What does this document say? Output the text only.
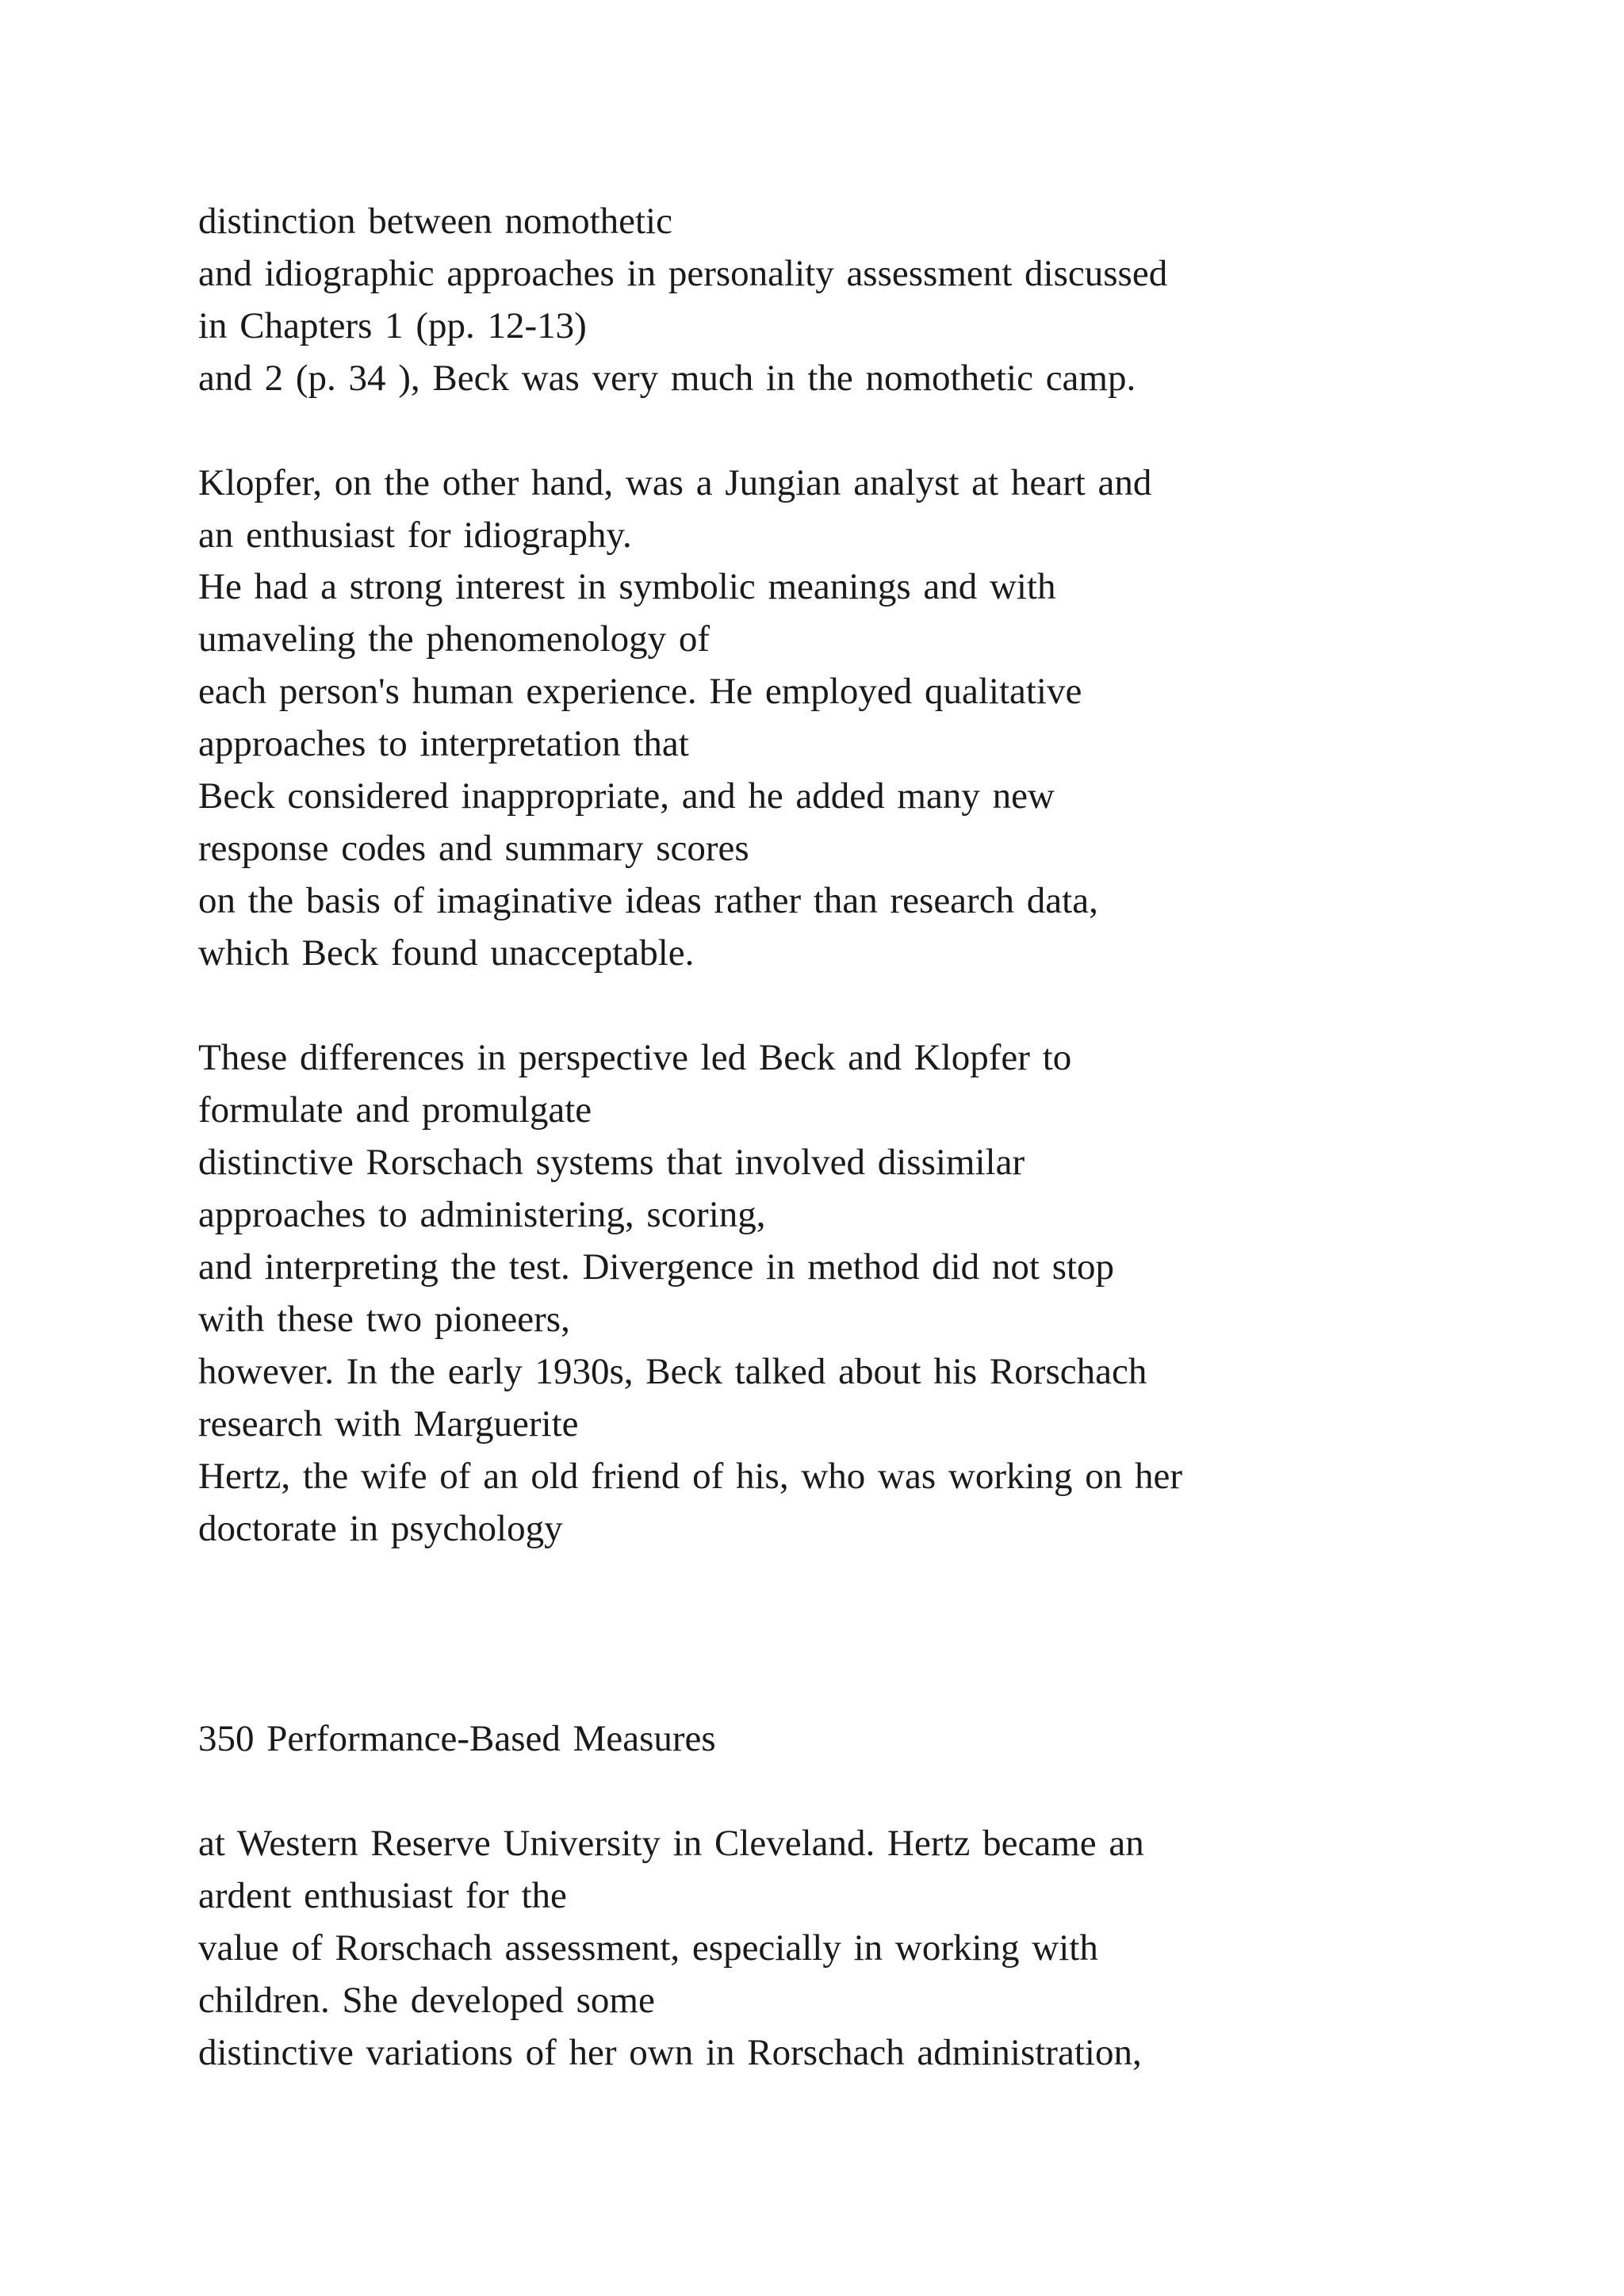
distinction between nomothetic
and idiographic approaches in personality assessment discussed
in Chapters 1 (pp. 12-13)
and 2 (p. 34 ), Beck was very much in the nomothetic camp.
Klopfer, on the other hand, was a Jungian analyst at heart and
an enthusiast for idiography.
He had a strong interest in symbolic meanings and with
umaveling the phenomenology of
each person's human experience. He employed qualitative
approaches to interpretation that
Beck considered inappropriate, and he added many new
response codes and summary scores
on the basis of imaginative ideas rather than research data,
which Beck found unacceptable.
These differences in perspective led Beck and Klopfer to
formulate and promulgate
distinctive Rorschach systems that involved dissimilar
approaches to administering, scoring,
and interpreting the test. Divergence in method did not stop
with these two pioneers,
however. In the early 1930s, Beck talked about his Rorschach
research with Marguerite
Hertz, the wife of an old friend of his, who was working on her
doctorate in psychology
350 Performance-Based Measures
at Western Reserve University in Cleveland. Hertz became an
ardent enthusiast for the
value of Rorschach assessment, especially in working with
children. She developed some
distinctive variations of her own in Rorschach administration,
